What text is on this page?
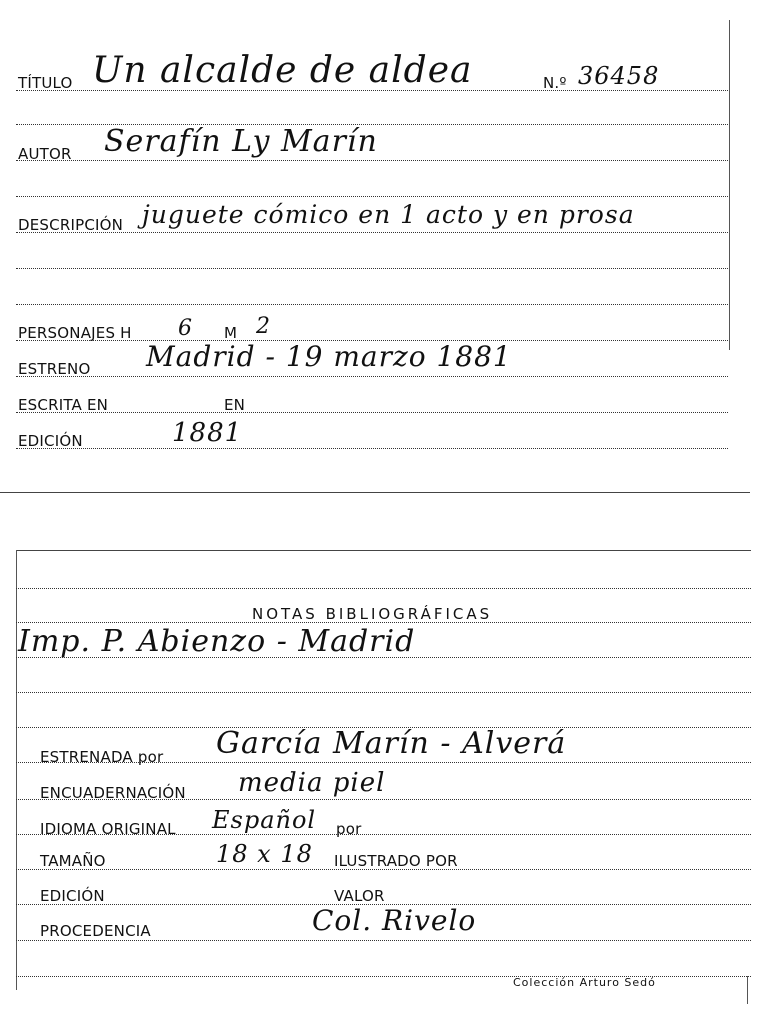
TÍTULO Un alcalde de aldea	N.º 36458
AUTOR Serafín Ly Marín
DESCRIPCIÓN juguete cómico en 1 acto y en prosa
PERSONAJES H 6 M 2
ESTRENO Madrid - 19 marzo 1881
ESCRITA EN	EN
EDICIÓN	1881
NOTAS BIBLIOGRÁFICAS
Imp. P. Abienzo - Madrid
ESTRENADA por García Marín - Alverá
ENCUADERNACIÓN media piel
IDIOMA ORIGINAL Español por
TAMAÑO	18 x 18 ILUSTRADO POR
EDICIÓN	VALOR
PROCEDENCIA	Col. Rivelo
Colección Arturo Sedó
